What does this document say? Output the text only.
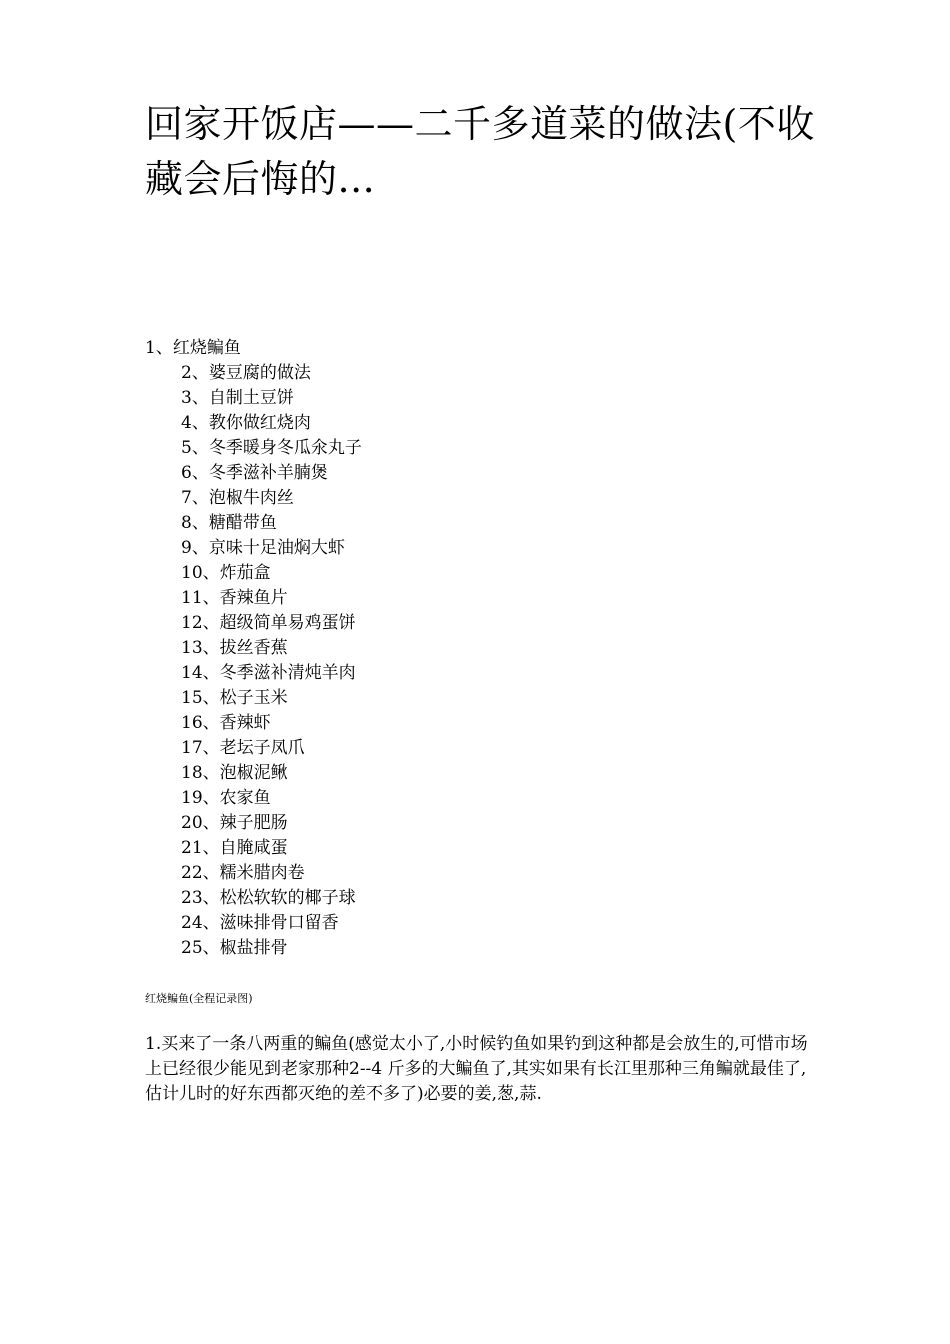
回家开饭店——二千多道菜的做法(不收藏会后悔的...
1、红烧鳊鱼
2、婆豆腐的做法
3、自制土豆饼
4、教你做红烧肉
5、冬季暖身冬瓜氽丸子
6、冬季滋补羊腩煲
7、泡椒牛肉丝
8、糖醋带鱼
9、京味十足油焖大虾
10、炸茄盒
11、香辣鱼片
12、超级简单易鸡蛋饼
13、拔丝香蕉
14、冬季滋补清炖羊肉
15、松子玉米
16、香辣虾
17、老坛子凤爪
18、泡椒泥鳅
19、农家鱼
20、辣子肥肠
21、自腌咸蛋
22、糯米腊肉卷
23、松松软软的椰子球
24、滋味排骨口留香
25、椒盐排骨
红烧鳊鱼(全程记录图)

1.买来了一条八两重的鳊鱼(感觉太小了,小时候钓鱼如果钓到这种都是会放生的,可惜市场上已经很少能见到老家那种2--4 斤多的大鳊鱼了,其实如果有长江里那种三角鳊就最佳了,估计儿时的好东西都灭绝的差不多了)必要的姜,葱,蒜.
